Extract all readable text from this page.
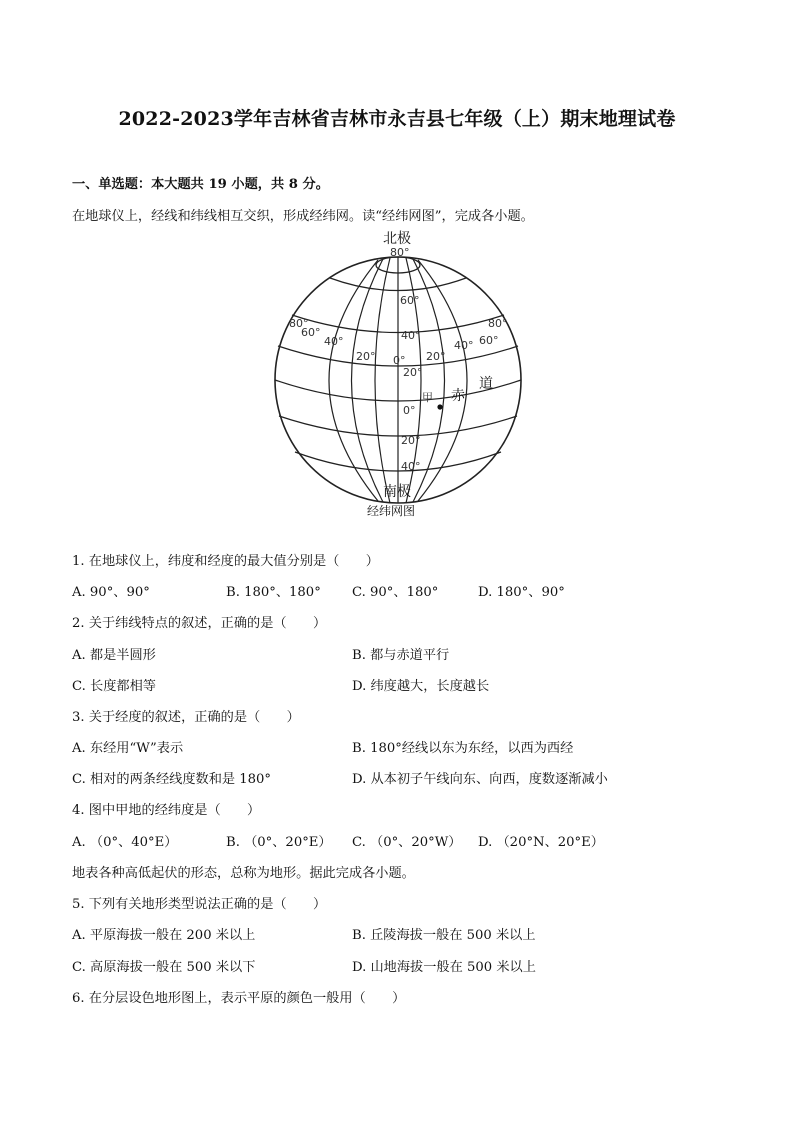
2022-2023学年吉林省吉林市永吉县七年级（上）期末地理试卷
一、单选题：本大题共 19 小题，共 8 分。
在地球仪上，经线和纬线相互交织，形成经纬网。读“经纬网图”，完成各小题。
甲 赤
道
北极
南极
80°
60°
40°
20°
0°
20°
40°
0°
20°	20°
40°	40°
60°
60°
80°	80°
经纬网图
1. 在地球仪上，纬度和经度的最大值分别是（　　）
A. 90°、90°	B. 180°、180° C. 90°、180°	D. 180°、90°
2. 关于纬线特点的叙述，正确的是（　　）
A. 都是半圆形	B. 都与赤道平行
C. 长度都相等	D. 纬度越大，长度越长
3. 关于经度的叙述，正确的是（　　）
A. 东经用“W”表示	B. 180°经线以东为东经，以西为西经
C. 相对的两条经线度数和是 180°	D. 从本初子午线向东、向西，度数逐渐减小
4. 图中甲地的经纬度是（　　）
A. （0°、40°E）	B. （0°、20°E） C. （0°、20°W） D. （20°N、20°E）
地表各种高低起伏的形态，总称为地形。据此完成各小题。
5. 下列有关地形类型说法正确的是（　　）
A. 平原海拔一般在 200 米以上	B. 丘陵海拔一般在 500 米以上
C. 高原海拔一般在 500 米以下	D. 山地海拔一般在 500 米以上
6. 在分层设色地形图上，表示平原的颜色一般用（　　）
